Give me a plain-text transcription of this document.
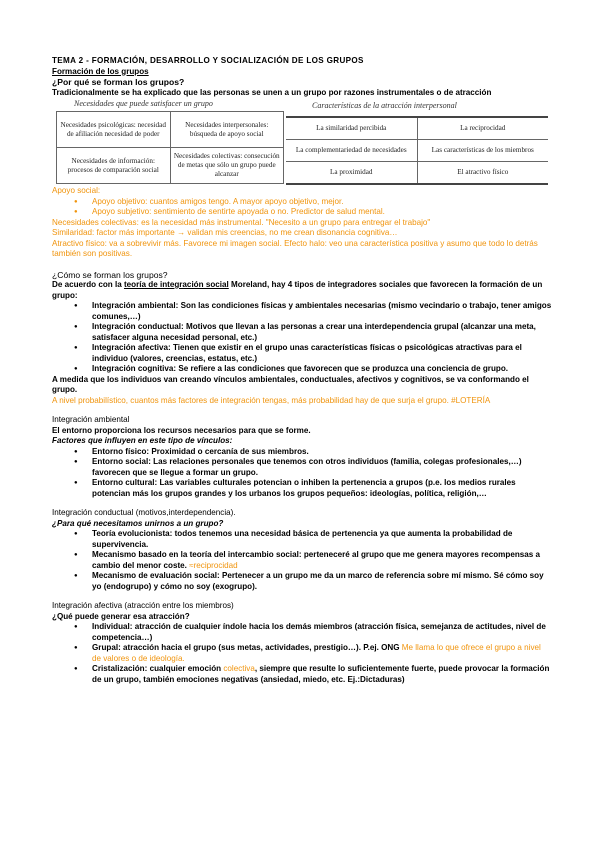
TEMA 2 - FORMACIÓN, DESARROLLO Y SOCIALIZACIÓN DE LOS GRUPOS

Formación de los grupos

¿Por qué se forman los grupos?

Tradicionalmente se ha explicado que las personas se unen a un grupo por razones instrumentales o de atracción

Necesidades que puede satisfacer un grupo
Necesidades psicológicas: necesidad de afiliación necesidad de poder	Necesidades interpersonales: búsqueda de apoyo social
Necesidades de información: procesos de comparación social	Necesidades colectivas: consecución de metas que sólo un grupo puede alcanzar
Características de la atracción interpersonal
La similaridad percibida	La reciprocidad
La complementariedad de necesidades	Las características de los miembros
La proximidad	El atractivo físico

Apoyo social:

● Apoyo objetivo: cuantos amigos tengo. A mayor apoyo objetivo, mejor.
● Apoyo subjetivo: sentimiento de sentirte apoyada o no. Predictor de salud mental.

Necesidades colectivas: es la necesidad más instrumental. "Necesito a un grupo para entregar el trabajo"

Similaridad: factor más importante → validan mis creencias, no me crean disonancia cognitiva…

Atractivo físico: va a sobrevivir más. Favorece mi imagen social. Efecto halo: veo una característica positiva y asumo que todo lo detrás también son positivas.

¿Cómo se forman los grupos?

De acuerdo con la teoría de integración social Moreland, hay 4 tipos de integradores sociales que favorecen la formación de un grupo:

● Integración ambiental: Son las condiciones físicas y ambientales necesarias (mismo vecindario o trabajo, tener amigos comunes,…)
● Integración conductual: Motivos que llevan a las personas a crear una interdependencia grupal (alcanzar una meta, satisfacer alguna necesidad personal, etc.)
● Integración afectiva: Tienen que existir en el grupo unas características físicas o psicológicas atractivas para el individuo (valores, creencias, estatus, etc.)
● Integración cognitiva: Se refiere a las condiciones que favorecen que se produzca una conciencia de grupo.

A medida que los individuos van creando vínculos ambientales, conductuales, afectivos y cognitivos, se va conformando el grupo.

A nivel probabilístico, cuantos más factores de integración tengas, más probabilidad hay de que surja el grupo. #LOTERÍA

Integración ambiental

El entorno proporciona los recursos necesarios para que se forme.

Factores que influyen en este tipo de vínculos:

● Entorno físico: Proximidad o cercanía de sus miembros.
● Entorno social: Las relaciones personales que tenemos con otros individuos (familia, colegas profesionales,…) favorecen que se llegue a formar un grupo.
● Entorno cultural: Las variables culturales potencian o inhiben la pertenencia a grupos (p.e. los medios rurales potencian más los grupos grandes y los urbanos los grupos pequeños: ideologías, política, religión,…

Integración conductual (motivos,interdependencia).

¿Para qué necesitamos unirnos a un grupo?

● Teoría evolucionista: todos tenemos una necesidad básica de pertenencia ya que aumenta la probabilidad de supervivencia.
● Mecanismo basado en la teoría del intercambio social: perteneceré al grupo que me genera mayores recompensas a cambio del menor coste. ≈reciprocidad
● Mecanismo de evaluación social: Pertenecer a un grupo me da un marco de referencia sobre mí mismo. Sé cómo soy yo (endogrupo) y cómo no soy (exogrupo).

Integración afectiva (atracción entre los miembros)

¿Qué puede generar esa atracción?

● Individual: atracción de cualquier índole hacia los demás miembros (atracción física, semejanza de actitudes, nivel de competencia…)
● Grupal: atracción hacia el grupo (sus metas, actividades, prestigio…). P.ej. ONG Me llama lo que ofrece el grupo a nivel de valores o de ideología.
● Cristalización: cualquier emoción colectiva, siempre que resulte lo suficientemente fuerte, puede provocar la formación de un grupo, también emociones negativas (ansiedad, miedo, etc. Ej.:Dictaduras)
